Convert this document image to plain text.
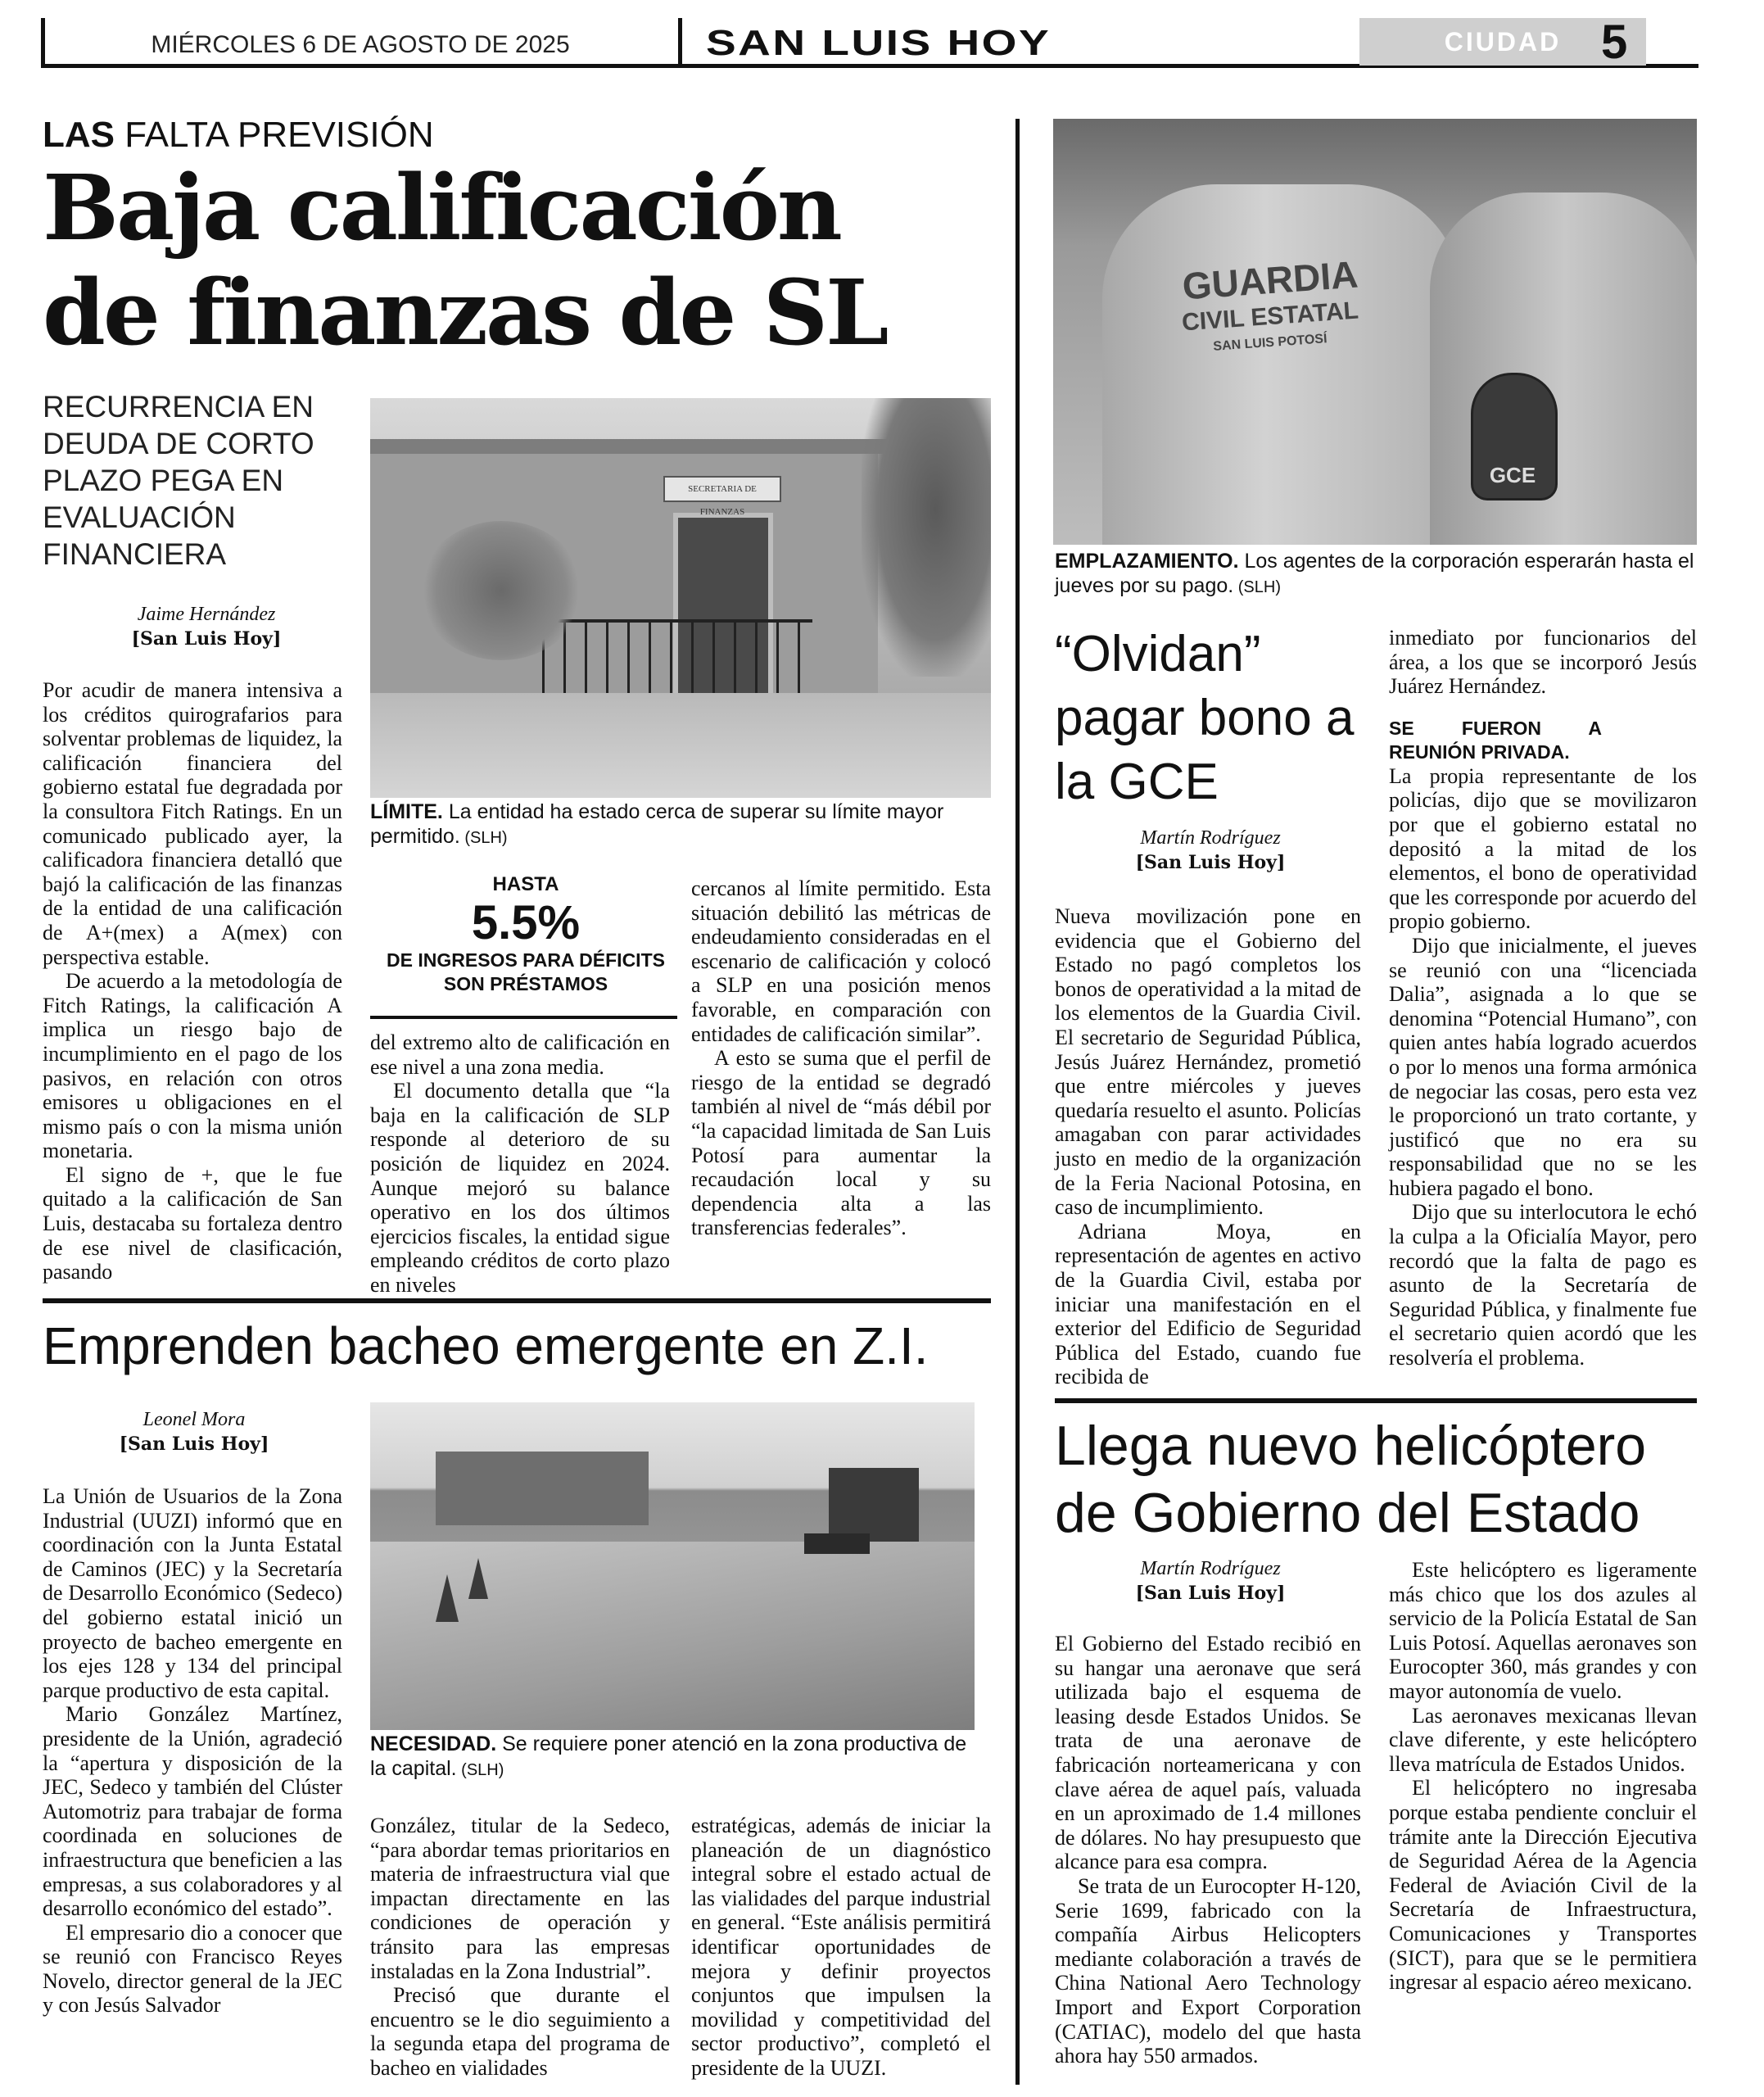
MIÉRCOLES 6 DE AGOSTO DE 2025	SAN LUIS HOY	CIUDAD 5
LAS FALTA PREVISIÓN
Baja calificación
de finanzas de SL
RECURRENCIA EN DEUDA DE CORTO PLAZO PEGA EN EVALUACIÓN FINANCIERA
Jaime Hernández
[San Luis Hoy]
SECRETARIA DE FINANZAS
LÍMITE. La entidad ha estado cerca de superar su límite mayor permitido. (SLH)
HASTA
5.5%
DE INGRESOS PARA DÉFICITS SON PRÉSTAMOS

Por acudir de manera intensiva a los créditos quirografarios para solventar problemas de liquidez, la calificación financiera del gobierno estatal fue degradada por la consultora Fitch Ratings. En un comunicado publicado ayer, la calificadora financiera detalló que bajó la calificación de las finanzas de la entidad de una calificación de A+(mex) a A(mex) con perspectiva estable.

De acuerdo a la metodología de Fitch Ratings, la calificación A implica un riesgo bajo de incumplimiento en el pago de los pasivos, en relación con otros emisores u obligaciones en el mismo país o con la misma unión monetaria.

El signo de +, que le fue quitado a la calificación de San Luis, destacaba su fortaleza dentro de ese nivel de clasificación, pasando

del extremo alto de calificación en ese nivel a una zona media.

El documento detalla que “la baja en la calificación de SLP responde al deterioro de su posición de liquidez en 2024. Aunque mejoró su balance operativo en los dos últimos ejercicios fiscales, la entidad sigue empleando créditos de corto plazo en niveles

cercanos al límite permitido. Esta situación debilitó las métricas de endeudamiento consideradas en el escenario de calificación y colocó a SLP en una posición menos favorable, en comparación con entidades de calificación similar”.

A esto se suma que el perfil de riesgo de la entidad se degradó también al nivel de “más débil por “la capacidad limitada de San Luis Potosí para aumentar la recaudación local y su dependencia alta a las transferencias federales”.

Emprenden bacheo emergente en Z.I.
Leonel Mora
[San Luis Hoy]
NECESIDAD. Se requiere poner atenció en la zona productiva de la capital. (SLH)

La Unión de Usuarios de la Zona Industrial (UUZI) informó que en coordinación con la Junta Estatal de Caminos (JEC) y la Secretaría de Desarrollo Económico (Sedeco) del gobierno estatal inició un proyecto de bacheo emergente en los ejes 128 y 134 del principal parque productivo de esta capital.

Mario González Martínez, presidente de la Unión, agradeció la “apertura y disposición de la JEC, Sedeco y también del Clúster Automotriz para trabajar de forma coordinada en soluciones de infraestructura que beneficien a las empresas, a sus colaboradores y al desarrollo económico del estado”.

El empresario dio a conocer que se reunió con Francisco Reyes Novelo, director general de la JEC y con Jesús Salvador

González, titular de la Sedeco, “para abordar temas prioritarios en materia de infraestructura vial que impactan directamente en las condiciones de operación y tránsito para las empresas instaladas en la Zona Industrial”.

Precisó que durante el encuentro se le dio seguimiento a la segunda etapa del programa de bacheo en vialidades

estratégicas, además de iniciar la planeación de un diagnóstico integral sobre el estado actual de las vialidades del parque industrial en general. “Este análisis permitirá identificar oportunidades de mejora y definir proyectos conjuntos que impulsen la movilidad y competitividad del sector productivo”, completó el presidente de la UUZI.

GUARDIA
CIVIL ESTATAL
SAN LUIS POTOSÍ
GCE
EMPLAZAMIENTO. Los agentes de la corporación esperarán hasta el jueves por su pago. (SLH)
“Olvidan” pagar bono a la GCE
Martín Rodríguez
[San Luis Hoy]

Nueva movilización pone en evidencia que el Gobierno del Estado no pagó completos los bonos de operatividad a la mitad de los elementos de la Guardia Civil. El secretario de Seguridad Pública, Jesús Juárez Hernández, prometió que entre miércoles y jueves quedaría resuelto el asunto. Policías amagaban con parar actividades justo en medio de la organización de la Feria Nacional Potosina, en caso de incumplimiento.

Adriana Moya, en representación de agentes en activo de la Guardia Civil, estaba por iniciar una manifestación en el exterior del Edificio de Seguridad Pública del Estado, cuando fue recibida de

inmediato por funcionarios del área, a los que se incorporó Jesús Juárez Hernández.

SE FUERON A REUNIÓN PRIVADA.

La propia representante de los policías, dijo que se movilizaron por que el gobierno estatal no depositó a la mitad de los elementos, el bono de operatividad que les corresponde por acuerdo del propio gobierno.

Dijo que inicialmente, el jueves se reunió con una “licenciada Dalia”, asignada a lo que se denomina “Potencial Humano”, con quien antes había logrado acuerdos o por lo menos una forma armónica de negociar las cosas, pero esta vez le proporcionó un trato cortante, y justificó que no era su responsabilidad que no se les hubiera pagado el bono.

Dijo que su interlocutora le echó la culpa a la Oficialía Mayor, pero recordó que la falta de pago es asunto de la Secretaría de Seguridad Pública, y finalmente fue el secretario quien acordó que les resolvería el problema.

Llega nuevo helicóptero
de Gobierno del Estado
Martín Rodríguez
[San Luis Hoy]

El Gobierno del Estado recibió en su hangar una aeronave que será utilizada bajo el esquema de leasing desde Estados Unidos. Se trata de una aeronave de fabricación norteamericana y con clave aérea de aquel país, valuada en un aproximado de 1.4 millones de dólares. No hay presupuesto que alcance para esa compra.

Se trata de un Eurocopter H-120, Serie 1699, fabricado con la compañía Airbus Helicopters mediante colaboración a través de China National Aero Technology Import and Export Corporation (CATIAC), modelo del que hasta ahora hay 550 armados.

Este helicóptero es ligeramente más chico que los dos azules al servicio de la Policía Estatal de San Luis Potosí. Aquellas aeronaves son Eurocopter 360, más grandes y con mayor autonomía de vuelo.

Las aeronaves mexicanas llevan clave diferente, y este helicóptero lleva matrícula de Estados Unidos.

El helicóptero no ingresaba porque estaba pendiente concluir el trámite ante la Dirección Ejecutiva de Seguridad Aérea de la Agencia Federal de Aviación Civil de la Secretaría de Infraestructura, Comunicaciones y Transportes (SICT), para que se le permitiera ingresar al espacio aéreo mexicano.
